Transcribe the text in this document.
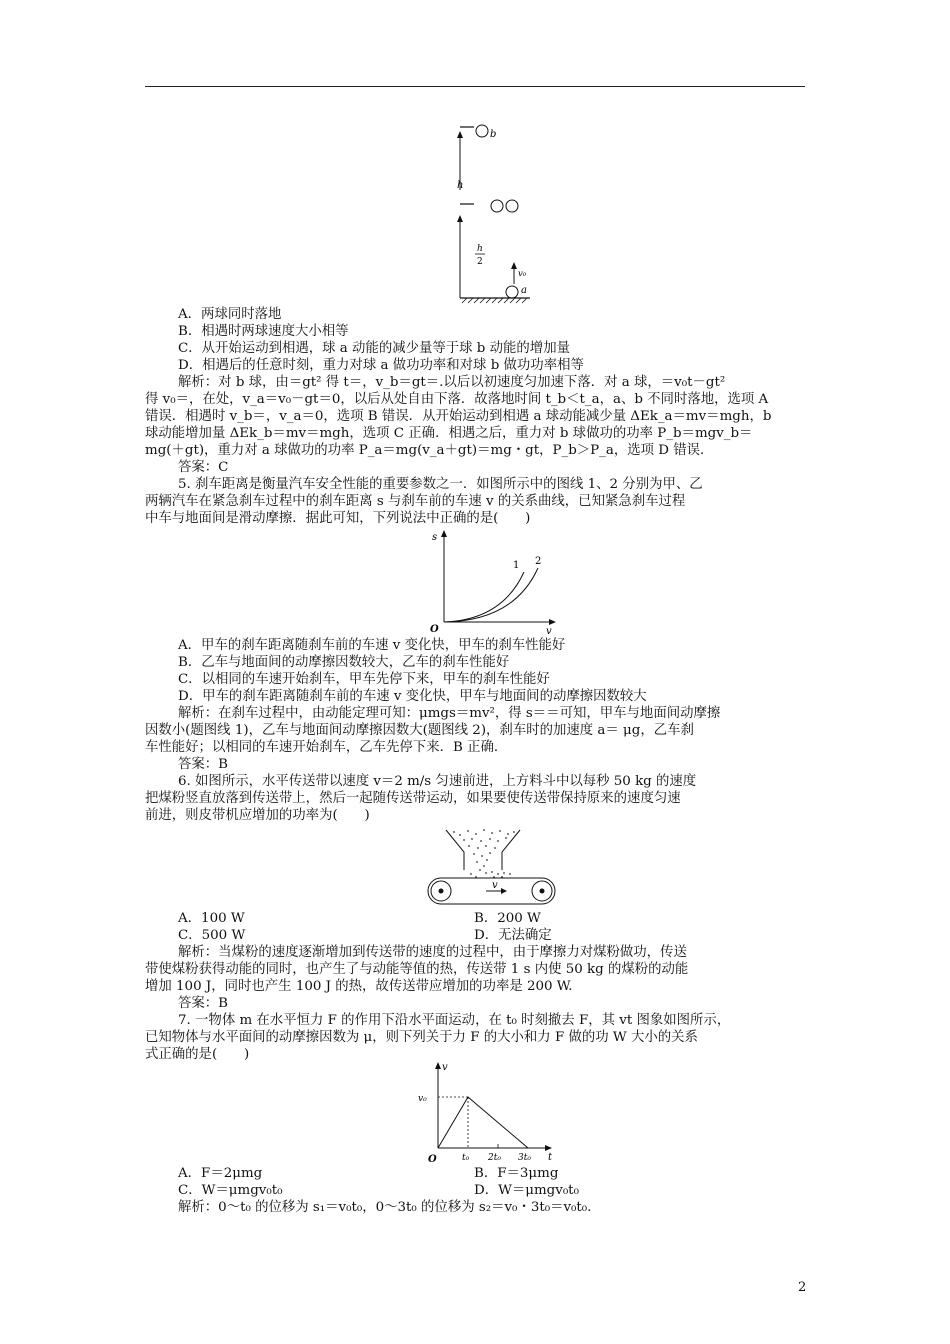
b
h
h
2
v₀
a
A．两球同时落地
B．相遇时两球速度大小相等
C．从开始运动到相遇，球 a 动能的减少量等于球 b 动能的增加量
D．相遇后的任意时刻，重力对球 a 做功功率和对球 b 做功功率相等
解析：对 b 球，由＝gt² 得 t＝，v_b＝gt＝.以后以初速度匀加速下落．对 a 球，＝v₀t－gt²
得 v₀＝，在处，v_a＝v₀－gt＝0，以后从处自由下落．故落地时间 t_b＜t_a，a、b 不同时落地，选项 A
错误．相遇时 v_b＝，v_a＝0，选项 B 错误．从开始运动到相遇 a 球动能减少量 ΔEk_a＝mv＝mgh，b
球动能增加量 ΔEk_b＝mv＝mgh，选项 C 正确．相遇之后，重力对 b 球做功的功率 P_b＝mgv_b＝
mg(＋gt)，重力对 a 球做功的功率 P_a＝mg(v_a＋gt)＝mg・gt，P_b＞P_a，选项 D 错误．
答案：C
5. 刹车距离是衡量汽车安全性能的重要参数之一．如图所示中的图线 1、2 分别为甲、乙
两辆汽车在紧急刹车过程中的刹车距离 s 与刹车前的车速 v 的关系曲线，已知紧急刹车过程
中车与地面间是滑动摩擦．据此可知，下列说法中正确的是(　　)
s
v
O
1 2
A．甲车的刹车距离随刹车前的车速 v 变化快，甲车的刹车性能好
B．乙车与地面间的动摩擦因数较大，乙车的刹车性能好
C．以相同的车速开始刹车，甲车先停下来，甲车的刹车性能好
D．甲车的刹车距离随刹车前的车速 v 变化快，甲车与地面间的动摩擦因数较大
解析：在刹车过程中，由动能定理可知：μmgs＝mv²，得 s＝＝可知，甲车与地面间动摩擦
因数小(题图线 1)，乙车与地面间动摩擦因数大(题图线 2)，刹车时的加速度 a＝ μg，乙车刹
车性能好；以相同的车速开始刹车，乙车先停下来．B 正确．
答案：B
6. 如图所示，水平传送带以速度 v＝2 m/s 匀速前进，上方料斗中以每秒 50 kg 的速度
把煤粉竖直放落到传送带上，然后一起随传送带运动，如果要使传送带保持原来的速度匀速
前进，则皮带机应增加的功率为(　　)
v
A．100 W	B．200 W
C．500 W	D．无法确定
解析：当煤粉的速度逐渐增加到传送带的速度的过程中，由于摩擦力对煤粉做功，传送
带使煤粉获得动能的同时，也产生了与动能等值的热，传送带 1 s 内使 50 kg 的煤粉的动能
增加 100 J，同时也产生 100 J 的热，故传送带应增加的功率是 200 W.
答案：B
7. 一物体 m 在水平恒力 F 的作用下沿水平面运动，在 t₀ 时刻撤去 F，其 vt 图象如图所示，
已知物体与水平面间的动摩擦因数为 μ，则下列关于力 F 的大小和力 F 做的功 W 大小的关系
式正确的是(　　)
v
t
O
v₀
t₀ 2t₀ 3t₀
A．F＝2μmg	B．F＝3μmg
C．W＝μmgv₀t₀	D．W＝μmgv₀t₀
解析：0～t₀ 的位移为 s₁＝v₀t₀，0～3t₀ 的位移为 s₂＝v₀・3t₀＝v₀t₀.
2
